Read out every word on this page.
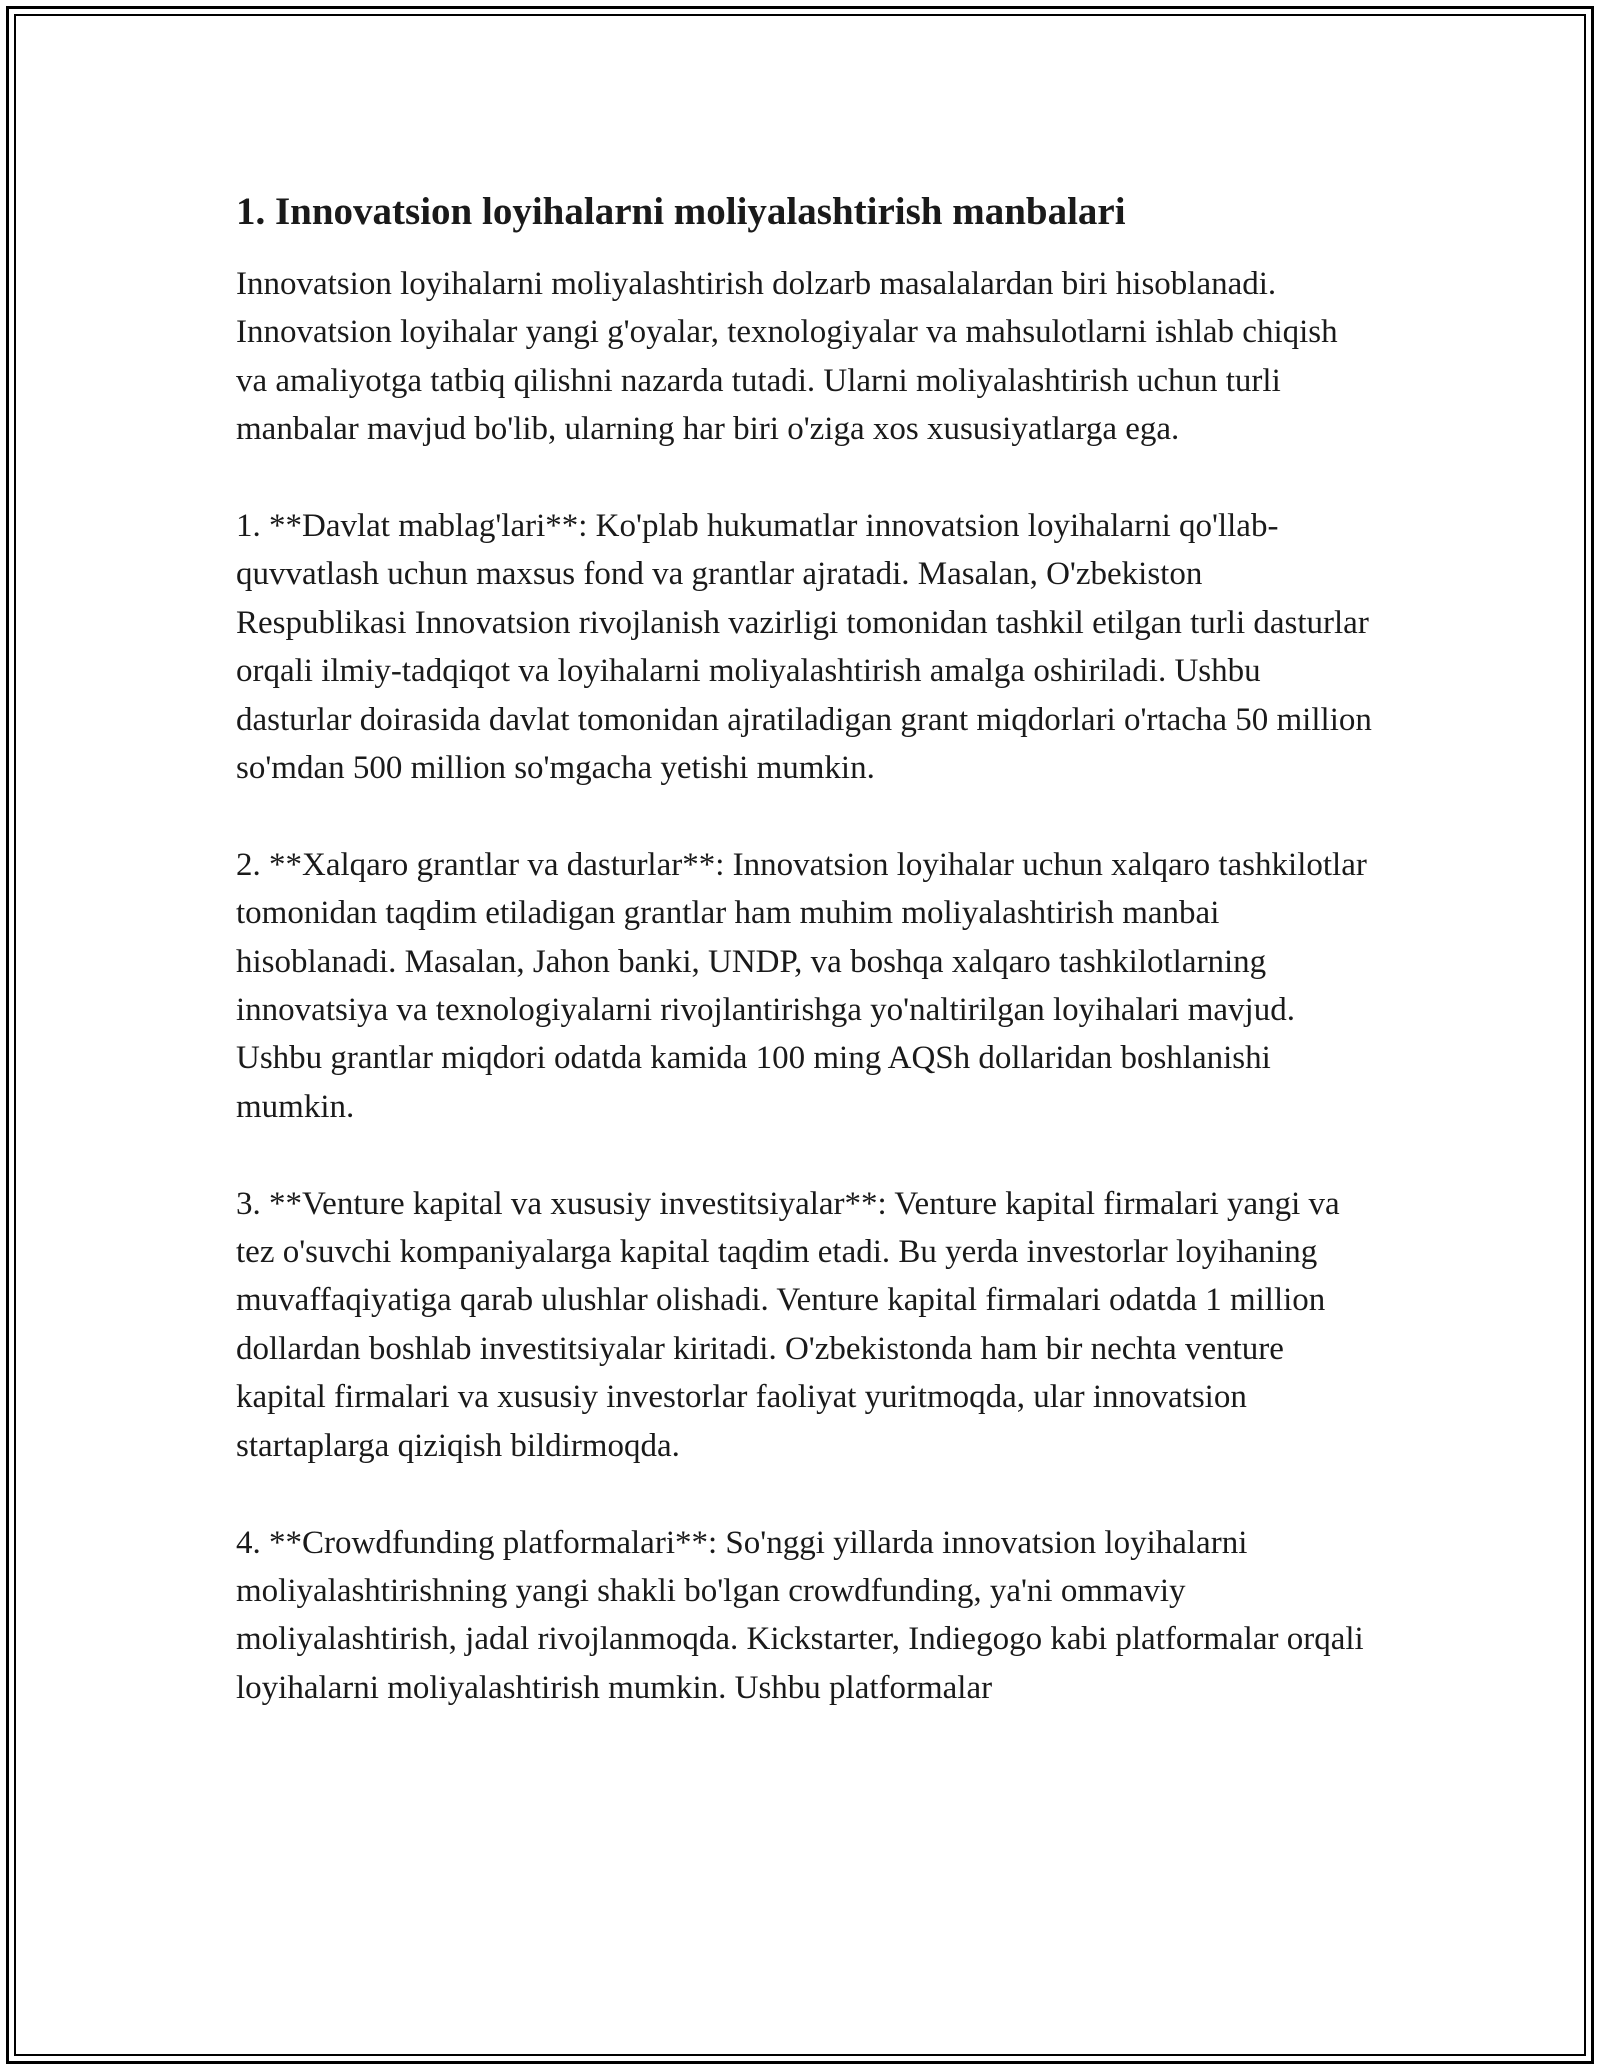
1. Innovatsion loyihalarni moliyalashtirish manbalari

Innovatsion loyihalarni moliyalashtirish dolzarb masalalardan biri hisoblanadi. Innovatsion loyihalar yangi g'oyalar, texnologiyalar va mahsulotlarni ishlab chiqish va amaliyotga tatbiq qilishni nazarda tutadi. Ularni moliyalashtirish uchun turli manbalar mavjud bo'lib, ularning har biri o'ziga xos xususiyatlarga ega.

1. **Davlat mablag'lari**: Ko'plab hukumatlar innovatsion loyihalarni qo'llab-quvvatlash uchun maxsus fond va grantlar ajratadi. Masalan, O'zbekiston Respublikasi Innovatsion rivojlanish vazirligi tomonidan tashkil etilgan turli dasturlar orqali ilmiy-tadqiqot va loyihalarni moliyalashtirish amalga oshiriladi. Ushbu dasturlar doirasida davlat tomonidan ajratiladigan grant miqdorlari o'rtacha 50 million so'mdan 500 million so'mgacha yetishi mumkin.

2. **Xalqaro grantlar va dasturlar**: Innovatsion loyihalar uchun xalqaro tashkilotlar tomonidan taqdim etiladigan grantlar ham muhim moliyalashtirish manbai hisoblanadi. Masalan, Jahon banki, UNDP, va boshqa xalqaro tashkilotlarning innovatsiya va texnologiyalarni rivojlantirishga yo'naltirilgan loyihalari mavjud. Ushbu grantlar miqdori odatda kamida 100 ming AQSh dollaridan boshlanishi mumkin.

3. **Venture kapital va xususiy investitsiyalar**: Venture kapital firmalari yangi va tez o'suvchi kompaniyalarga kapital taqdim etadi. Bu yerda investorlar loyihaning muvaffaqiyatiga qarab ulushlar olishadi. Venture kapital firmalari odatda 1 million dollardan boshlab investitsiyalar kiritadi. O'zbekistonda ham bir nechta venture kapital firmalari va xususiy investorlar faoliyat yuritmoqda, ular innovatsion startaplarga qiziqish bildirmoqda.

4. **Crowdfunding platformalari**: So'nggi yillarda innovatsion loyihalarni moliyalashtirishning yangi shakli bo'lgan crowdfunding, ya'ni ommaviy moliyalashtirish, jadal rivojlanmoqda. Kickstarter, Indiegogo kabi platformalar orqali loyihalarni moliyalashtirish mumkin. Ushbu platformalar
